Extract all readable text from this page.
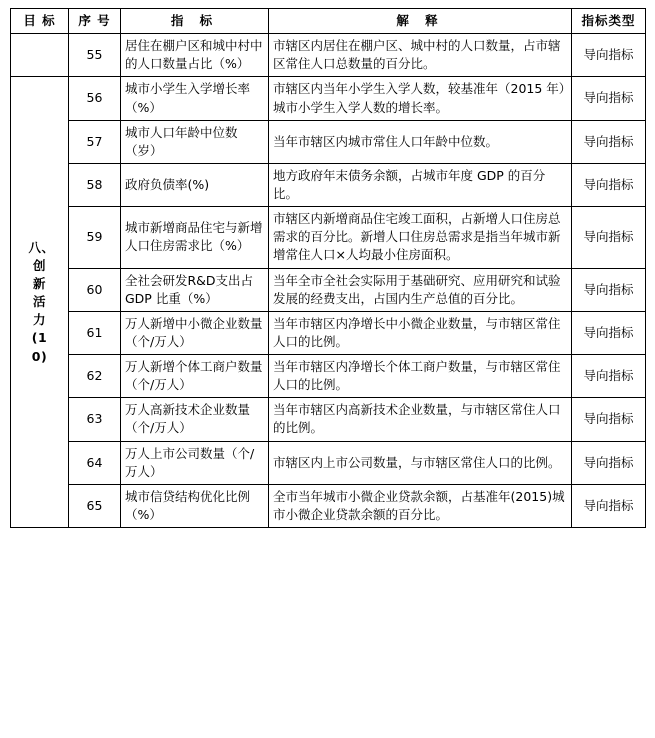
目 标	序 号	指 标	解 释	指标类型
	55	居住在棚户区和城中村中的人口数量占比（%）	市辖区内居住在棚户区、城中村的人口数量，占市辖区常住人口总数量的百分比。	导向指标

八、创新活力(10)	56	城市小学生入学增长率（%）	市辖区内当年小学生入学人数，较基准年（2015 年）城市小学生入学人数的增长率。	导向指标
	57	城市人口年龄中位数（岁）	当年市辖区内城市常住人口年龄中位数。	导向指标
	58	政府负债率(%)	地方政府年末债务余额，占城市年度 GDP 的百分比。	导向指标
	59	城市新增商品住宅与新增人口住房需求比（%）	市辖区内新增商品住宅竣工面积，占新增人口住房总需求的百分比。新增人口住房总需求是指当年城市新增常住人口×人均最小住房面积。	导向指标
	60	全社会研发R&D支出占GDP 比重（%）	当年全市全社会实际用于基础研究、应用研究和试验发展的经费支出，占国内生产总值的百分比。	导向指标
	61	万人新增中小微企业数量（个/万人）	当年市辖区内净增长中小微企业数量，与市辖区常住人口的比例。	导向指标
	62	万人新增个体工商户数量（个/万人）	当年市辖区内净增长个体工商户数量，与市辖区常住人口的比例。	导向指标
	63	万人高新技术企业数量（个/万人）	当年市辖区内高新技术企业数量，与市辖区常住人口的比例。	导向指标
	64	万人上市公司数量（个/万人）	市辖区内上市公司数量，与市辖区常住人口的比例。	导向指标
	65	城市信贷结构优化比例（%）	全市当年城市小微企业贷款余额，占基准年(2015)城市小微企业贷款余额的百分比。	导向指标
